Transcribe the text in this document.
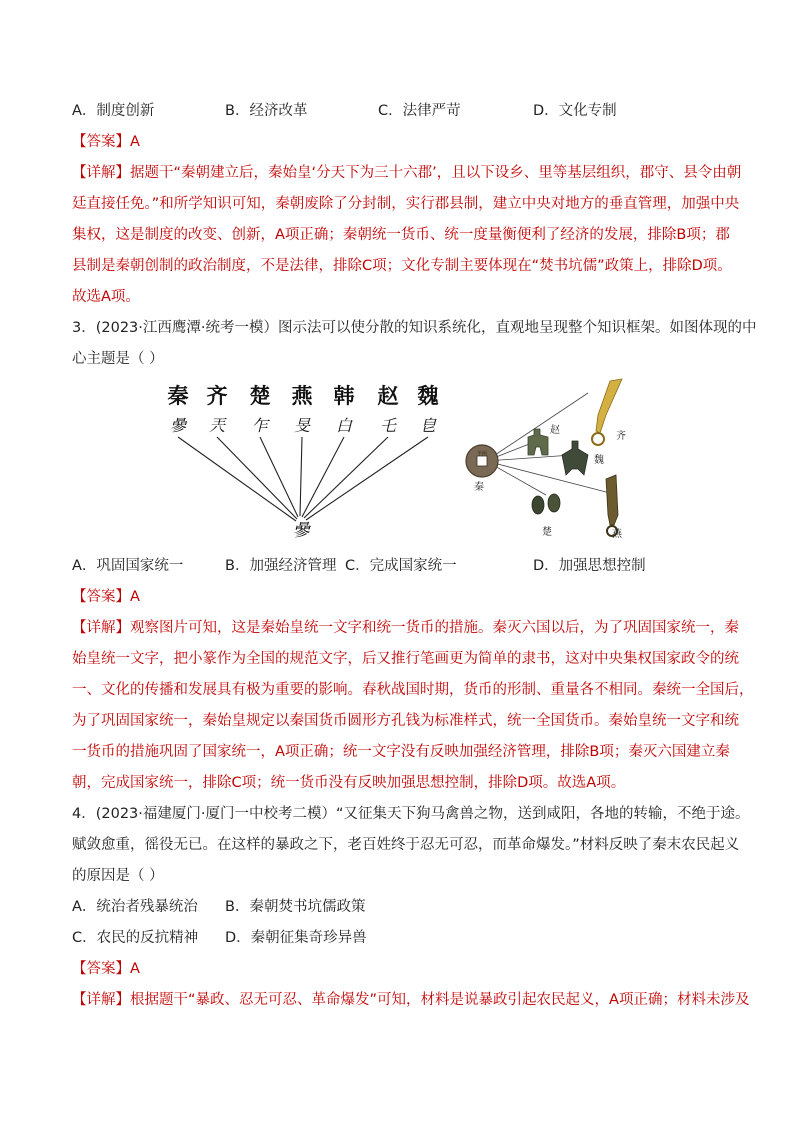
A．制度创新	B．经济改革	C．法律严苛	D．文化专制
【答案】A
【详解】据题干“秦朝建立后，秦始皇‘分天下为三十六郡’，且以下设乡、里等基层组织，郡守、县令由朝
廷直接任免。”和所学知识可知，秦朝废除了分封制，实行郡县制，建立中央对地方的垂直管理，加强中央
集权，这是制度的改变、创新，A项正确；秦朝统一货币、统一度量衡便利了经济的发展，排除B项；郡
县制是秦朝创制的政治制度，不是法律，排除C项；文化专制主要体现在“焚书坑儒”政策上，排除D项。
故选A项。
3．(2023·江西鹰潭·统考一模）图示法可以使分散的知识系统化，直观地呈现整个知识框架。如图体现的中
心主题是（ ）
秦 齐 楚 燕 韩 赵 魏
曑 兲 乍 旻 白 乇 皀
曑
半两
秦
齐
赵
魏
楚	燕
A．巩固国家统一	B．加强经济管理 C．完成国家统一	D．加强思想控制
【答案】A
【详解】观察图片可知，这是秦始皇统一文字和统一货币的措施。秦灭六国以后，为了巩固国家统一，秦
始皇统一文字，把小篆作为全国的规范文字，后又推行笔画更为简单的隶书，这对中央集权国家政令的统
一、文化的传播和发展具有极为重要的影响。春秋战国时期，货币的形制、重量各不相同。秦统一全国后，
为了巩固国家统一，秦始皇规定以秦国货币圆形方孔钱为标准样式，统一全国货币。秦始皇统一文字和统
一货币的措施巩固了国家统一，A项正确；统一文字没有反映加强经济管理，排除B项；秦灭六国建立秦
朝，完成国家统一，排除C项；统一货币没有反映加强思想控制，排除D项。故选A项。
4．(2023·福建厦门·厦门一中校考二模）“又征集天下狗马禽兽之物，送到咸阳，各地的转输，不绝于途。
赋敛愈重，徭役无已。在这样的暴政之下，老百姓终于忍无可忍，而革命爆发。”材料反映了秦末农民起义
的原因是（ ）
A．统治者残暴统治 B．秦朝焚书坑儒政策
C．农民的反抗精神 D．秦朝征集奇珍异兽
【答案】A
【详解】根据题干“暴政、忍无可忍、革命爆发”可知，材料是说暴政引起农民起义，A项正确；材料未涉及
